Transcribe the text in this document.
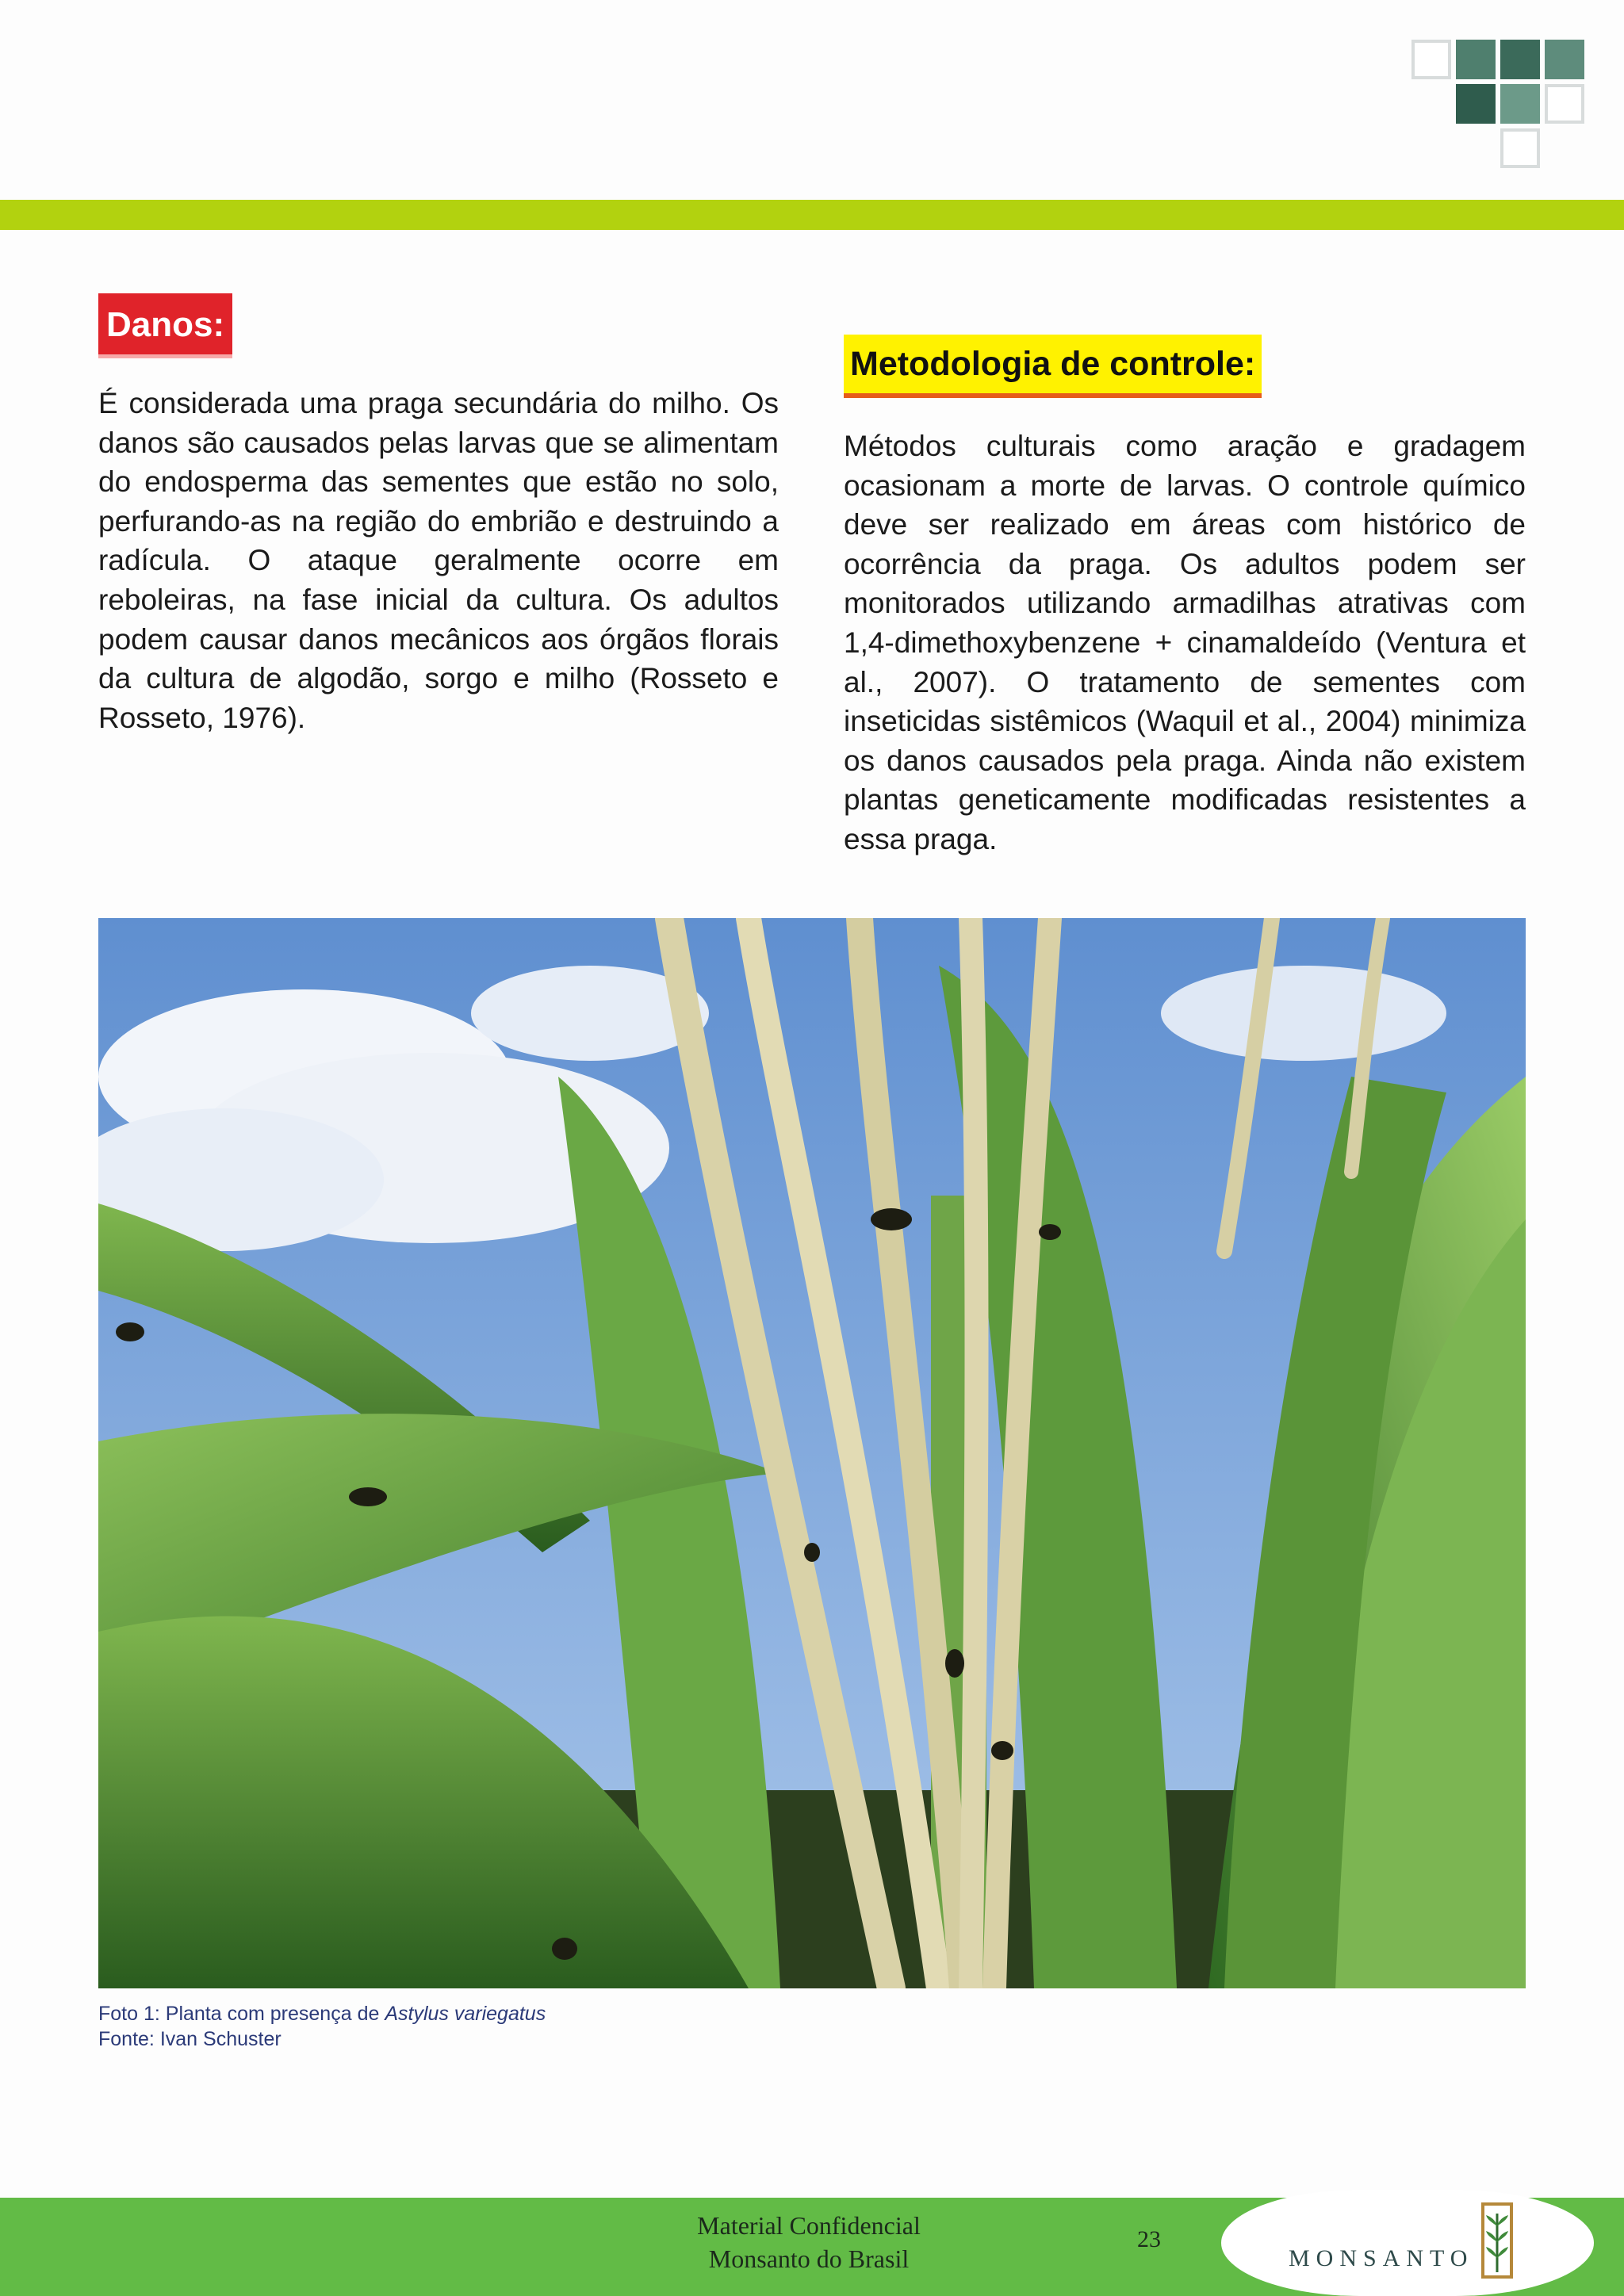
Danos:
É considerada uma praga secundária do milho. Os danos são causados pelas larvas que se alimentam do endosperma das sementes que estão no solo, perfurando-as na região do embrião e destruindo a radícula. O ataque geralmente ocorre em reboleiras, na fase inicial da cultura. Os adultos podem causar danos mecânicos aos órgãos florais da cultura de algodão, sorgo e milho (Rosseto e Rosseto, 1976).
Metodologia de controle:
Métodos culturais como aração e gradagem ocasionam a morte de larvas. O controle químico deve ser realizado em áreas com histórico de ocorrência da praga. Os adultos podem ser monitorados utilizando armadilhas atrativas com 1,4-dimethoxybenzene + cinamaldeído (Ventura et al., 2007). O tratamento de sementes com inseticidas sistêmicos (Waquil et al., 2004) minimiza os danos causados pela praga. Ainda não existem plantas geneticamente modificadas resistentes a essa praga.
Foto 1: Planta com presença de Astylus variegatus
Fonte: Ivan Schuster
Material Confidencial
Monsanto do Brasil
23
MONSANTO
